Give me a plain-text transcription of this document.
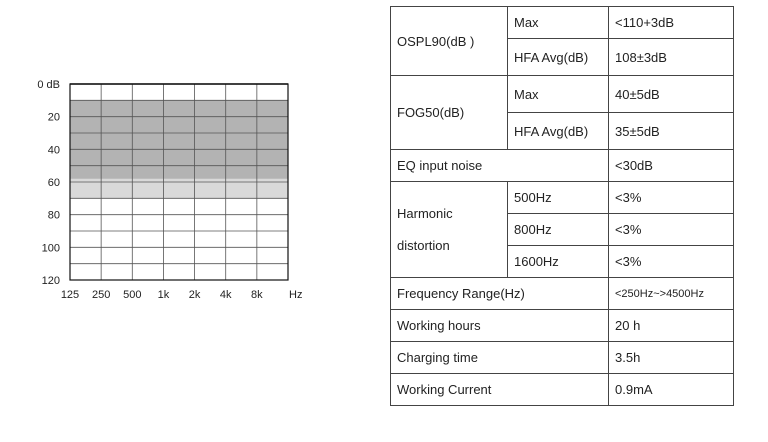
0 dB
20
40
60
80
100
120
125 250 500 1k 2k 4k 8k Hz
OSPL90(dB )	Max	<110+3dB
	HFA Avg(dB)	108±3dB
FOG50(dB)	Max	40±5dB
	HFA Avg(dB)	35±5dB
EQ input noise		<30dB

Harmonic
distortion	500Hz	<3%
	800Hz	<3%
	1600Hz	<3%
Frequency Range(Hz)		<250Hz~>4500Hz
Working hours		20 h
Charging time		3.5h
Working Current		0.9mA
